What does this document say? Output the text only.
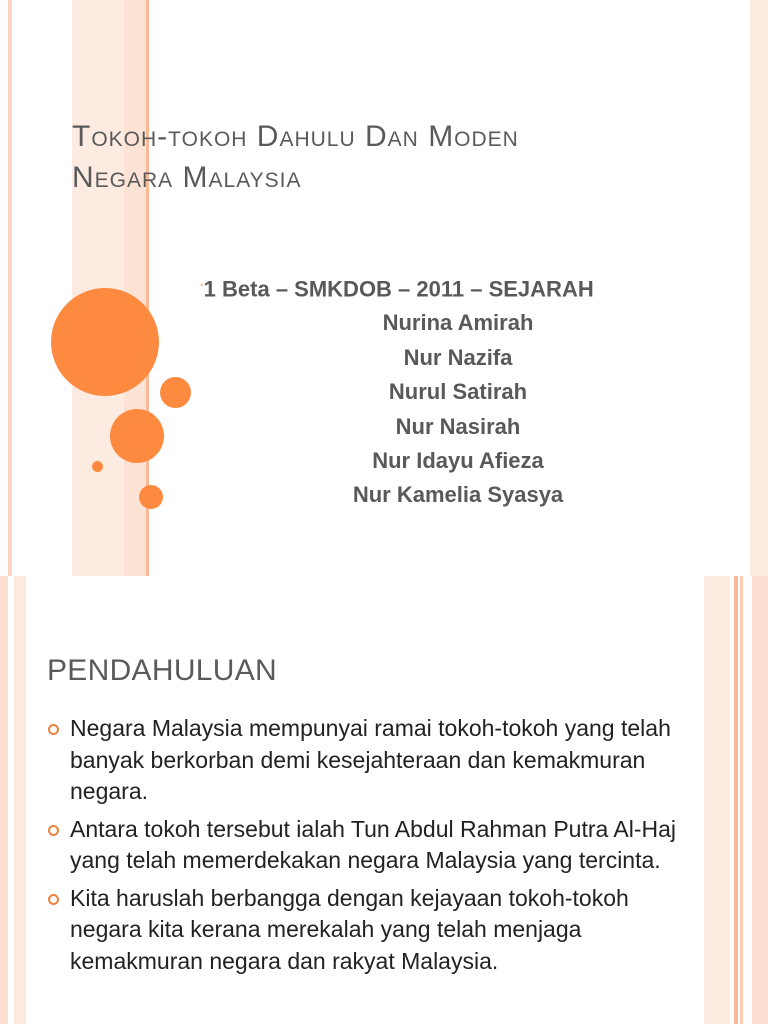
Tokoh-tokoh Dahulu Dan Moden
Negara Malaysia
-1 Beta – SMKDOB – 2011 – SEJARAH
Nurina Amirah
Nur Nazifa
Nurul Satirah
Nur Nasirah
Nur Idayu Afieza
Nur Kamelia Syasya
PENDAHULUAN
Negara Malaysia mempunyai ramai tokoh-tokoh yang telah banyak berkorban demi kesejahteraan dan kemakmuran negara.
Antara tokoh tersebut ialah Tun Abdul Rahman Putra Al-Haj yang telah memerdekakan negara Malaysia yang tercinta.
Kita haruslah berbangga dengan kejayaan tokoh-tokoh negara kita kerana merekalah yang telah menjaga kemakmuran negara dan rakyat Malaysia.
